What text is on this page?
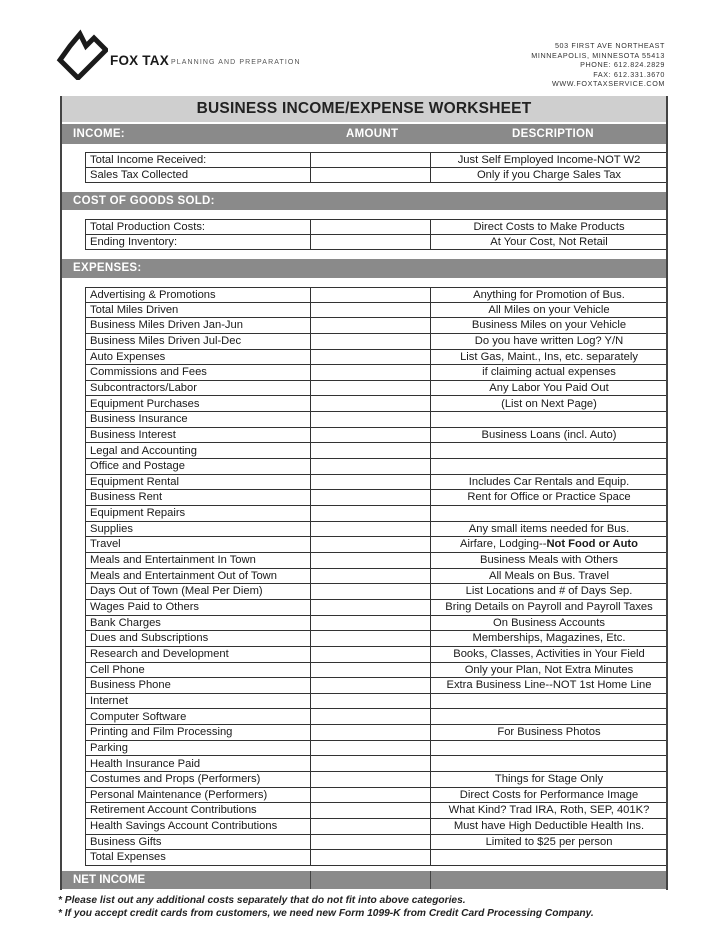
FOX TAX PLANNING AND PREPARATION
503 FIRST AVE NORTHEAST
MINNEAPOLIS, MINNESOTA 55413
PHONE: 612.824.2829
FAX: 612.331.3670
WWW.FOXTAXSERVICE.COM
BUSINESS INCOME/EXPENSE WORKSHEET
INCOME:	AMOUNT	DESCRIPTION
Total Income Received:	Just Self Employed Income-NOT W2
Sales Tax Collected	Only if you Charge Sales Tax
COST OF GOODS SOLD:
Total Production Costs:	Direct Costs to Make Products
Ending Inventory:	At Your Cost, Not Retail
EXPENSES:
Advertising & Promotions	Anything for Promotion of Bus.
Total Miles Driven	All Miles on your Vehicle
Business Miles Driven Jan-Jun	Business Miles on your Vehicle
Business Miles Driven Jul-Dec	Do you have written Log? Y/N
Auto Expenses	List Gas, Maint., Ins, etc. separately
Commissions and Fees	if claiming actual expenses
Subcontractors/Labor	Any Labor You Paid Out
Equipment Purchases	(List on Next Page)
Business Insurance
Business Interest	Business Loans (incl. Auto)
Legal and Accounting
Office and Postage
Equipment Rental	Includes Car Rentals and Equip.
Business Rent	Rent for Office or Practice Space
Equipment Repairs
Supplies	Any small items needed for Bus.
Travel	Airfare, Lodging--Not Food or Auto
Meals and Entertainment In Town	Business Meals with Others
Meals and Entertainment Out of Town	All Meals on Bus. Travel
Days Out of Town (Meal Per Diem)	List Locations and # of Days Sep.
Wages Paid to Others	Bring Details on Payroll and Payroll Taxes
Bank Charges	On Business Accounts
Dues and Subscriptions	Memberships, Magazines, Etc.
Research and Development	Books, Classes, Activities in Your Field
Cell Phone	Only your Plan, Not Extra Minutes
Business Phone	Extra Business Line--NOT 1st Home Line
Internet
Computer Software
Printing and Film Processing	For Business Photos
Parking
Health Insurance Paid
Costumes and Props (Performers)	Things for Stage Only
Personal Maintenance (Performers)	Direct Costs for Performance Image
Retirement Account Contributions	What Kind? Trad IRA, Roth, SEP, 401K?
Health Savings Account Contributions	Must have High Deductible Health Ins.
Business Gifts	Limited to $25 per person
Total Expenses
NET INCOME
* Please list out any additional costs separately that do not fit into above categories.
* If you accept credit cards from customers, we need new Form 1099-K from Credit Card Processing Company.
